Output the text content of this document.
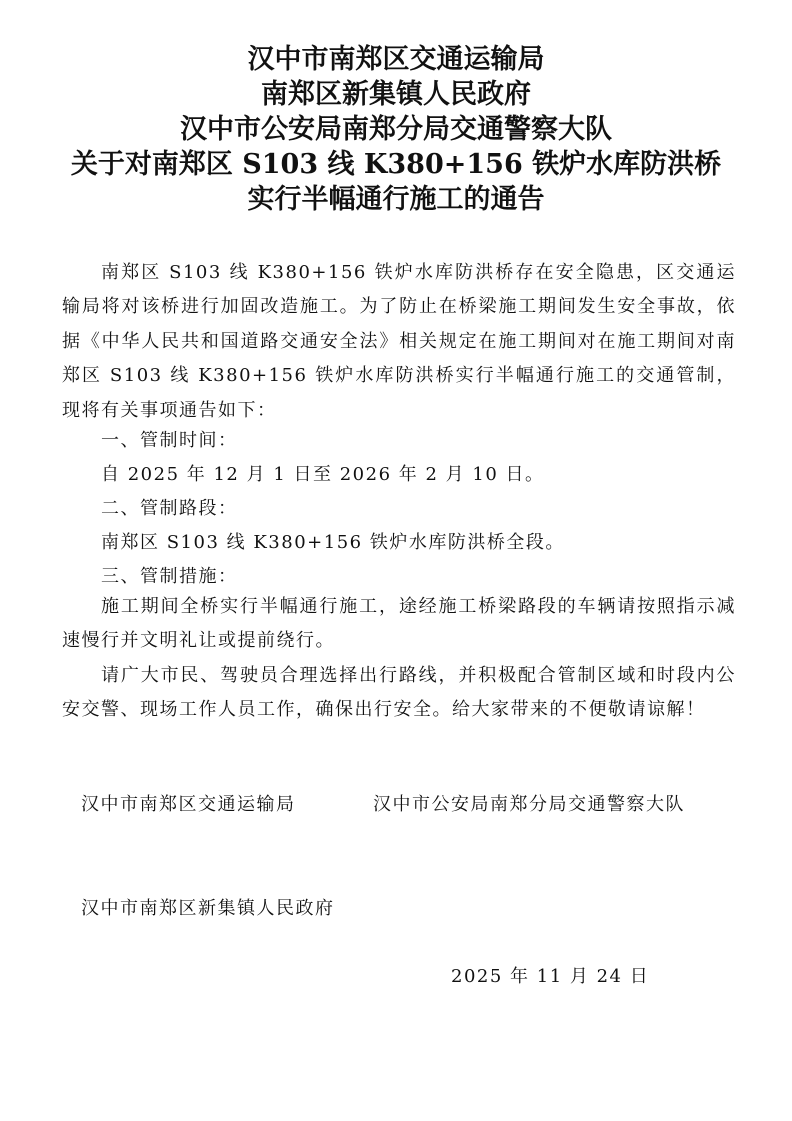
汉中市南郑区交通运输局
南郑区新集镇人民政府
汉中市公安局南郑分局交通警察大队
关于对南郑区 S103 线 K380+156 铁炉水库防洪桥
实行半幅通行施工的通告
南郑区 S103 线 K380+156 铁炉水库防洪桥存在安全隐患，区交通运输局将对该桥进行加固改造施工。为了防止在桥梁施工期间发生安全事故，依据《中华人民共和国道路交通安全法》相关规定在施工期间对在施工期间对南郑区 S103 线 K380+156 铁炉水库防洪桥实行半幅通行施工的交通管制，现将有关事项通告如下：
一、管制时间：
自 2025 年 12 月 1 日至 2026 年 2 月 10 日。
二、管制路段：
南郑区 S103 线 K380+156 铁炉水库防洪桥全段。
三、管制措施：
施工期间全桥实行半幅通行施工，途经施工桥梁路段的车辆请按照指示减速慢行并文明礼让或提前绕行。
请广大市民、驾驶员合理选择出行路线，并积极配合管制区域和时段内公安交警、现场工作人员工作，确保出行安全。给大家带来的不便敬请谅解！
汉中市南郑区交通运输局	汉中市公安局南郑分局交通警察大队
汉中市南郑区新集镇人民政府
2025 年 11 月 24 日
